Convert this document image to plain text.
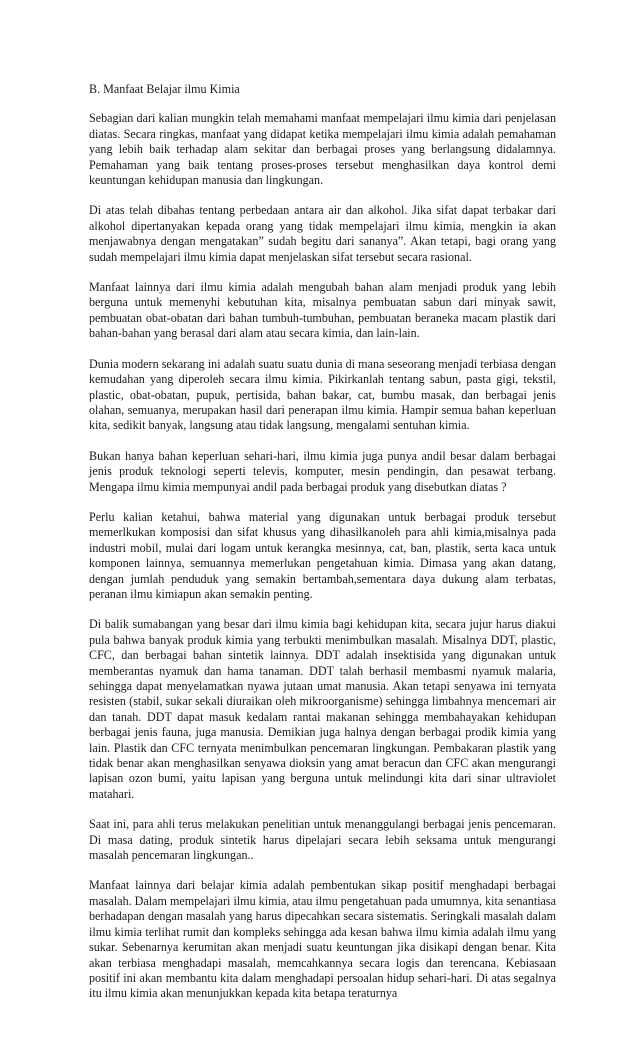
B. Manfaat Belajar ilmu Kimia

Sebagian dari kalian mungkin telah memahami manfaat mempelajari ilmu kimia dari penjelasan diatas. Secara ringkas, manfaat yang didapat ketika mempelajari ilmu kimia adalah pemahaman yang lebih baik terhadap alam sekitar dan berbagai proses yang berlangsung didalamnya. Pemahaman yang baik tentang proses-proses tersebut menghasilkan daya kontrol demi keuntungan kehidupan manusia dan lingkungan.

Di atas telah dibahas tentang perbedaan antara air dan alkohol. Jika sifat dapat terbakar dari alkohol dipertanyakan kepada orang yang tidak mempelajari ilmu kimia, mengkin ia akan menjawabnya dengan mengatakan” sudah begitu dari sananya”. Akan tetapi, bagi orang yang sudah mempelajari ilmu kimia dapat menjelaskan sifat tersebut secara rasional.

Manfaat lainnya dari ilmu kimia adalah mengubah bahan alam menjadi produk yang lebih berguna untuk memenyhi kebutuhan kita, misalnya pembuatan sabun dari minyak sawit, pembuatan obat-obatan dari bahan tumbuh-tumbuhan, pembuatan beraneka macam plastik dari bahan-bahan yang berasal dari alam atau secara kimia, dan lain-lain.

Dunia modern sekarang ini adalah suatu suatu dunia di mana seseorang menjadi terbiasa dengan kemudahan yang diperoleh secara ilmu kimia. Pikirkanlah tentang sabun, pasta gigi, tekstil, plastic, obat-obatan, pupuk, pertisida, bahan bakar, cat, bumbu masak, dan berbagai jenis olahan, semuanya, merupakan hasil dari penerapan ilmu kimia. Hampir semua bahan keperluan kita, sedikit banyak, langsung atau tidak langsung, mengalami sentuhan kimia.

Bukan hanya bahan keperluan sehari-hari, ilmu kimia juga punya andil besar dalam berbagai jenis produk teknologi seperti televis, komputer, mesin pendingin, dan pesawat terbang. Mengapa ilmu kimia mempunyai andil pada berbagai produk yang disebutkan diatas ?

Perlu kalian ketahui, bahwa material yang digunakan untuk berbagai produk tersebut memerlkukan komposisi dan sifat khusus yang dihasilkanoleh para ahli kimia,misalnya pada industri mobil, mulai dari logam untuk kerangka mesinnya, cat, ban, plastik, serta kaca untuk komponen lainnya, semuannya memerlukan pengetahuan kimia. Dimasa yang akan datang, dengan jumlah penduduk yang semakin bertambah,sementara daya dukung alam terbatas, peranan ilmu kimiapun akan semakin penting.

Di balik sumabangan yang besar dari ilmu kimia bagi kehidupan kita, secara jujur harus diakui pula bahwa banyak produk kimia yang terbukti menimbulkan masalah. Misalnya DDT, plastic, CFC, dan berbagai bahan sintetik lainnya. DDT adalah insektisida yang digunakan untuk memberantas nyamuk dan hama tanaman. DDT talah berhasil membasmi nyamuk malaria, sehingga dapat menyelamatkan nyawa jutaan umat manusia. Akan tetapi senyawa ini ternyata resisten (stabil, sukar sekali diuraikan oleh mikroorganisme) sehingga limbahnya mencemari air dan tanah. DDT dapat masuk kedalam rantai makanan sehingga membahayakan kehidupan berbagai jenis fauna, juga manusia. Demikian juga halnya dengan berbagai prodik kimia yang lain. Plastik dan CFC ternyata menimbulkan pencemaran lingkungan. Pembakaran plastik yang tidak benar akan menghasilkan senyawa dioksin yang amat beracun dan CFC akan mengurangi lapisan ozon bumi, yaitu lapisan yang berguna untuk melindungi kita dari sinar ultraviolet matahari.

Saat ini, para ahli terus melakukan penelitian untuk menanggulangi berbagai jenis pencemaran. Di masa dating, produk sintetik harus dipelajari secara lebih seksama untuk mengurangi masalah pencemaran lingkungan..

Manfaat lainnya dari belajar kimia adalah pembentukan sikap positif menghadapi berbagai masalah. Dalam mempelajari ilmu kimia, atau ilmu pengetahuan pada umumnya, kita senantiasa berhadapan dengan masalah yang harus dipecahkan secara sistematis. Seringkali masalah dalam ilmu kimia terlihat rumit dan kompleks sehingga ada kesan bahwa ilmu kimia adalah ilmu yang sukar. Sebenarnya kerumitan akan menjadi suatu keuntungan jika disikapi dengan benar. Kita akan terbiasa menghadapi masalah, memcahkannya secara logis dan terencana. Kebiasaan positif ini akan membantu kita dalam menghadapi persoalan hidup sehari-hari. Di atas segalnya itu ilmu kimia akan menunjukkan kepada kita betapa teraturnya
